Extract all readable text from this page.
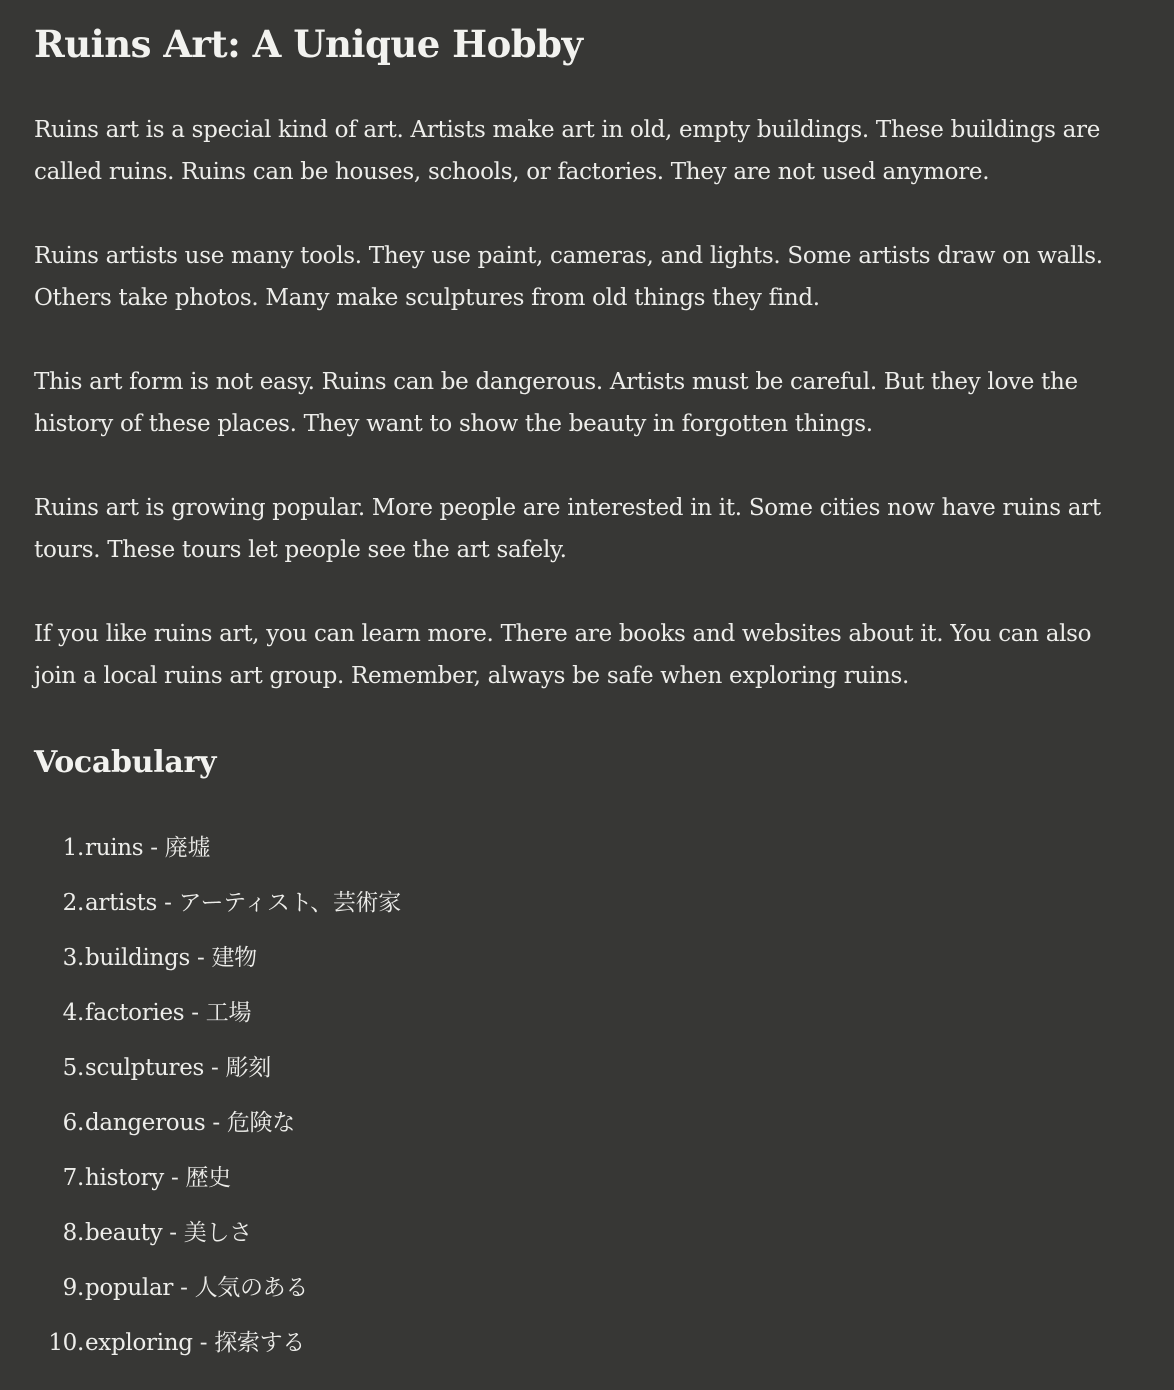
Ruins Art: A Unique Hobby

Ruins art is a special kind of art. Artists make art in old, empty buildings. These buildings are called ruins. Ruins can be houses, schools, or factories. They are not used anymore.

Ruins artists use many tools. They use paint, cameras, and lights. Some artists draw on walls. Others take photos. Many make sculptures from old things they find.

This art form is not easy. Ruins can be dangerous. Artists must be careful. But they love the history of these places. They want to show the beauty in forgotten things.

Ruins art is growing popular. More people are interested in it. Some cities now have ruins art tours. These tours let people see the art safely.

If you like ruins art, you can learn more. There are books and websites about it. You can also join a local ruins art group. Remember, always be safe when exploring ruins.

Vocabulary
1. ruins - 廃墟
2. artists - アーティスト、芸術家
3. buildings - 建物
4. factories - 工場
5. sculptures - 彫刻
6. dangerous - 危険な
7. history - 歴史
8. beauty - 美しさ
9. popular - 人気のある
10. exploring - 探索する
